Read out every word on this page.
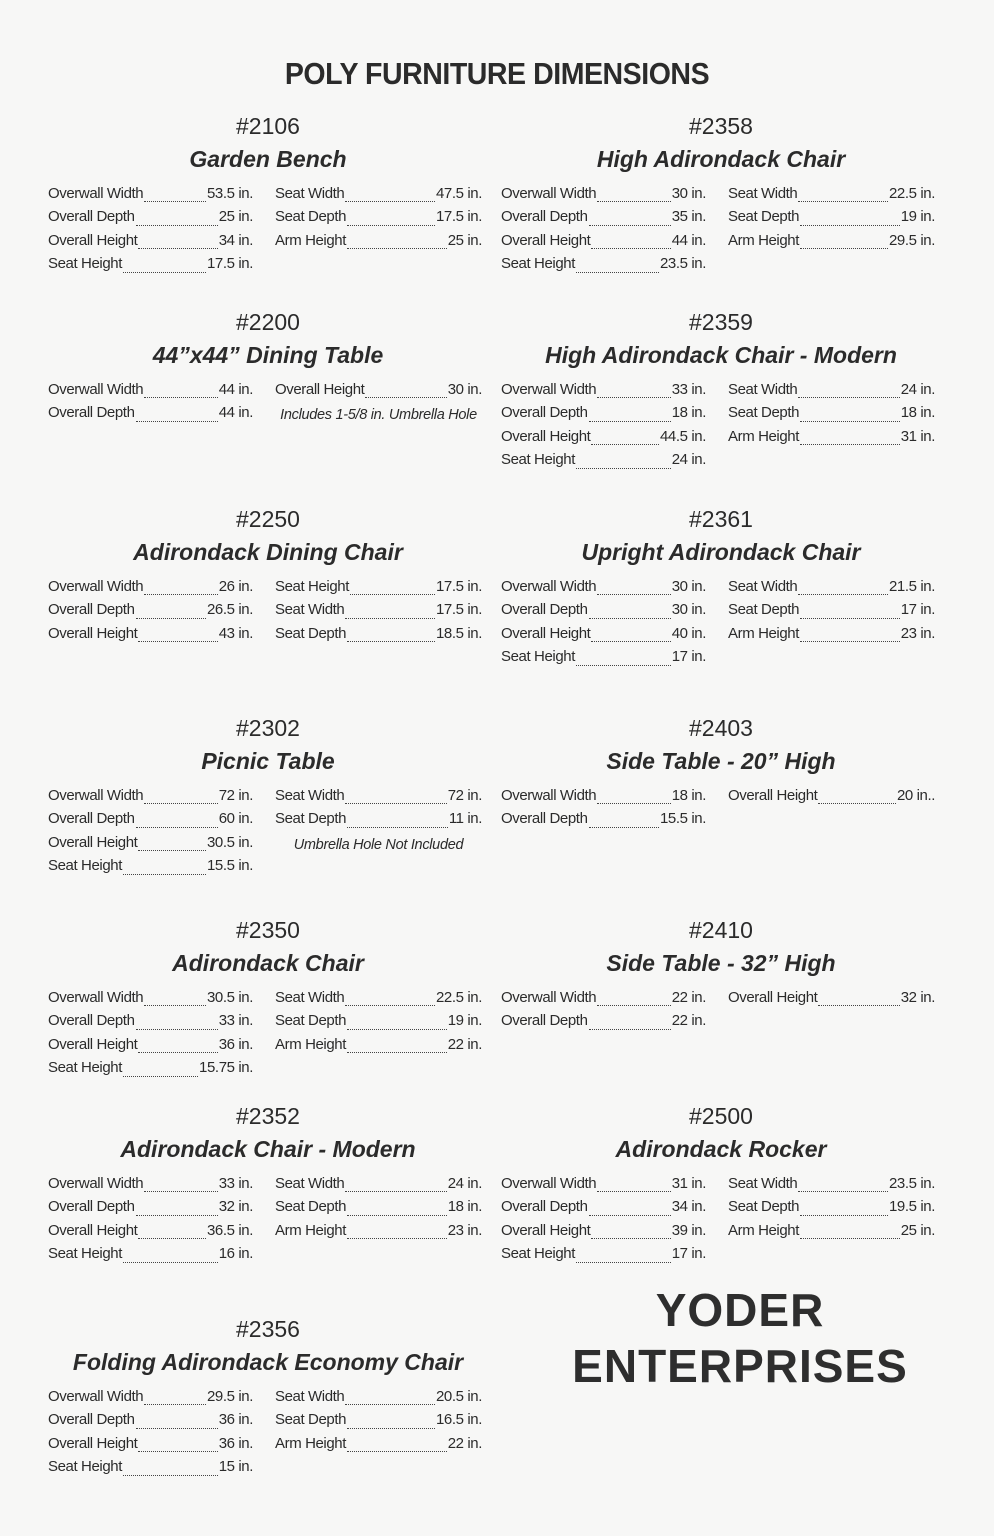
POLY FURNITURE DIMENSIONS
#2106
Garden Bench
Overwall Width	53.5 in.
Overall Depth	25 in.
Overall Height	34 in.
Seat Height	17.5 in.
Seat Width	47.5 in.
Seat Depth	17.5 in.
Arm Height	25 in.
#2358
High Adirondack Chair
Overwall Width	30 in.
Overall Depth	35 in.
Overall Height	44 in.
Seat Height	23.5 in.
Seat Width	22.5 in.
Seat Depth	19 in.
Arm Height	29.5 in.
#2200
44”x44” Dining Table
Overwall Width	44 in.
Overall Depth	44 in.
Overall Height	30 in.
Includes 1-5/8 in. Umbrella Hole
#2359
High Adirondack Chair - Modern
Overwall Width	33 in.
Overall Depth	18 in.
Overall Height	44.5 in.
Seat Height	24 in.
Seat Width	24 in.
Seat Depth	18 in.
Arm Height	31 in.
#2250
Adirondack Dining Chair
Overwall Width	26 in.
Overall Depth	26.5 in.
Overall Height	43 in.
Seat Height	17.5 in.
Seat Width	17.5 in.
Seat Depth	18.5 in.
#2361
Upright Adirondack Chair
Overwall Width	30 in.
Overall Depth	30 in.
Overall Height	40 in.
Seat Height	17 in.
Seat Width	21.5 in.
Seat Depth	17 in.
Arm Height	23 in.
#2302
Picnic Table
Overwall Width	72 in.
Overall Depth	60 in.
Overall Height	30.5 in.
Seat Height	15.5 in.
Seat Width	72 in.
Seat Depth	11 in.
Umbrella Hole Not Included
#2403
Side Table - 20” High
Overwall Width	18 in.
Overall Depth	15.5 in.
Overall Height	20 in..
#2350
Adirondack Chair
Overwall Width	30.5 in.
Overall Depth	33 in.
Overall Height	36 in.
Seat Height	15.75 in.
Seat Width	22.5 in.
Seat Depth	19 in.
Arm Height	22 in.
#2410
Side Table - 32” High
Overwall Width	22 in.
Overall Depth	22 in.
Overall Height	32 in.
#2352
Adirondack Chair - Modern
Overwall Width	33 in.
Overall Depth	32 in.
Overall Height	36.5 in.
Seat Height	16 in.
Seat Width	24 in.
Seat Depth	18 in.
Arm Height	23 in.
#2500
Adirondack Rocker
Overwall Width	31 in.
Overall Depth	34 in.
Overall Height	39 in.
Seat Height	17 in.
Seat Width	23.5 in.
Seat Depth	19.5 in.
Arm Height	25 in.
#2356
Folding Adirondack Economy Chair
Overwall Width	29.5 in.
Overall Depth	36 in.
Overall Height	36 in.
Seat Height	15 in.
Seat Width	20.5 in.
Seat Depth	16.5 in.
Arm Height	22 in.
YODER
ENTERPRISES
